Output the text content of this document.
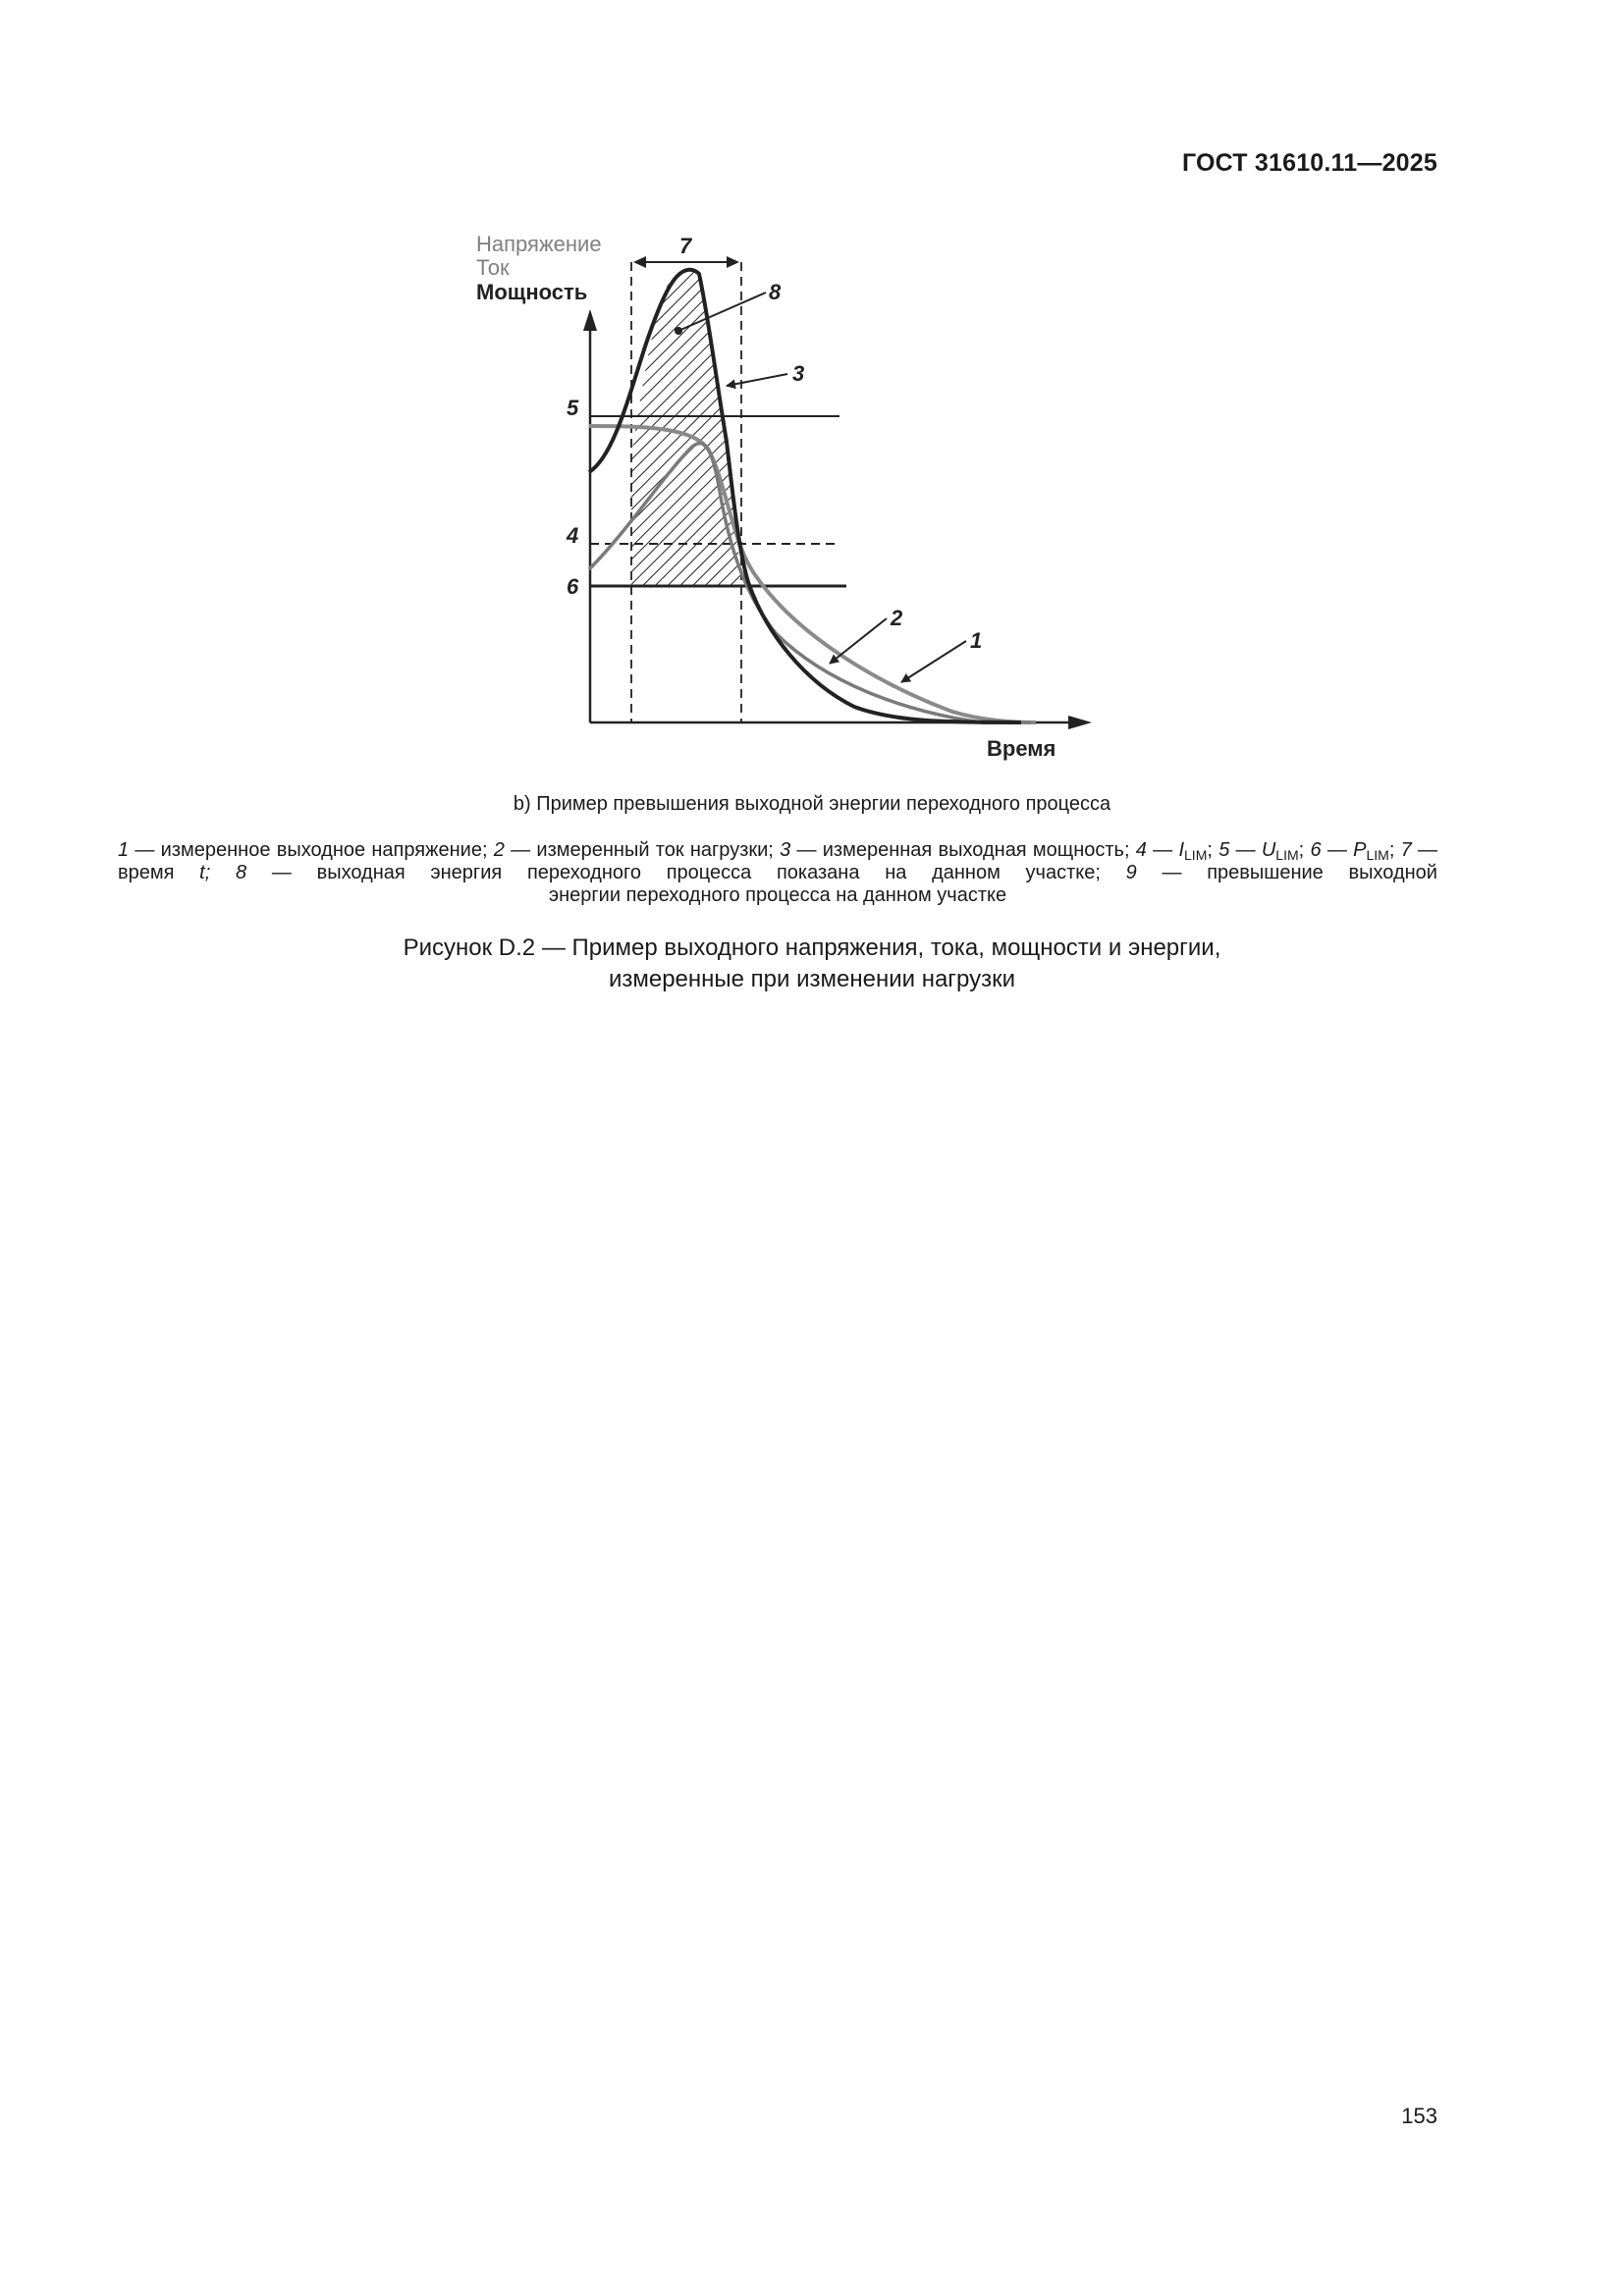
ГОСТ 31610.11—2025
Напряжение
Ток
Мощность
Время
5
4
6
7
8
3
2
1
b) Пример превышения выходной энергии переходного процесса
1 — измеренное выходное напряжение; 2 — измеренный ток нагрузки; 3 — измеренная выходная мощность; 4 — $I_{LIM}$; 5 — $U_{LIM}$; 6 — $P_{LIM}$; 7 — время t; 8 — выходная энергия переходного процесса показана на данном участке; 9 — превышение выходной
энергии переходного процесса на данном участке
Рисунок D.2 — Пример выходного напряжения, тока, мощности и энергии,
измеренные при изменении нагрузки
153
